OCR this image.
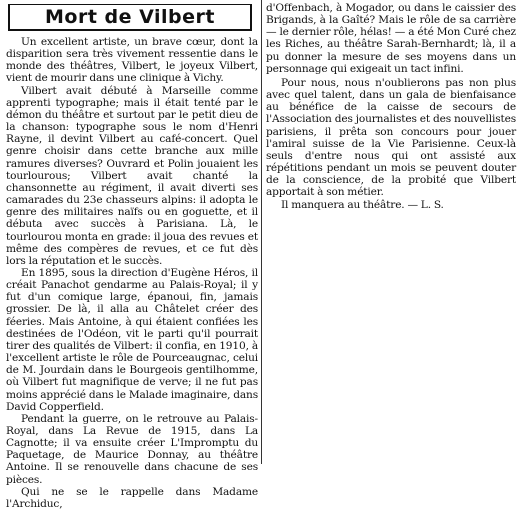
Mort de Vilbert

Un excellent artiste, un brave cœur, dont la disparition sera très vivement ressentie dans le monde des théâtres, Vilbert, le joyeux Vilbert, vient de mourir dans une clinique à Vichy.

Vilbert avait débuté à Marseille comme apprenti typographe; mais il était tenté par le démon du théâtre et surtout par le petit dieu de la chanson: typographe sous le nom d'Henri Rayne, il devint Vilbert au café-concert. Quel genre choisir dans cette branche aux mille ramures diverses? Ouvrard et Polin jouaient les tourlourous; Vilbert avait chanté la chansonnette au régiment, il avait diverti ses camarades du 23e chasseurs alpins: il adopta le genre des militaires naïfs ou en goguette, et il débuta avec succès à Parisiana. Là, le tourlourou monta en grade: il joua des revues et même des compères de revues, et ce fut dès lors la réputation et le succès.

En 1895, sous la direction d'Eugène Héros, il créait Panachot gendarme au Palais-Royal; il y fut d'un comique large, épanoui, fin, jamais grossier. De là, il alla au Châtelet créer des féeries. Mais Antoine, à qui étaient confiées les destinées de l'Odéon, vit le parti qu'il pourrait tirer des qualités de Vilbert: il confia, en 1910, à l'excellent artiste le rôle de Pourceaugnac, celui de M. Jourdain dans le Bourgeois gentilhomme, où Vilbert fut magnifique de verve; il ne fut pas moins apprécié dans le Malade imaginaire, dans David Copperfield.

Pendant la guerre, on le retrouve au Palais-Royal, dans La Revue de 1915, dans La Cagnotte; il va ensuite créer L'Impromptu du Paquetage, de Maurice Donnay, au théâtre Antoine. Il se renouvelle dans chacune de ses pièces.

Qui ne se le rappelle dans Madame l'Archiduc,

d'Offenbach, à Mogador, ou dans le caissier des Brigands, à la Gaîté? Mais le rôle de sa carrière — le dernier rôle, hélas! — a été Mon Curé chez les Riches, au théâtre Sarah-Bernhardt; là, il a pu donner la mesure de ses moyens dans un personnage qui exigeait un tact infini.

Pour nous, nous n'oublierons pas non plus avec quel talent, dans un gala de bienfaisance au bénéfice de la caisse de secours de l'Association des journalistes et des nouvellistes parisiens, il prêta son concours pour jouer l'amiral suisse de la Vie Parisienne. Ceux-là seuls d'entre nous qui ont assisté aux répétitions pendant un mois se peuvent douter de la conscience, de la probité que Vilbert apportait à son métier.

Il manquera au théâtre. — L. S.
